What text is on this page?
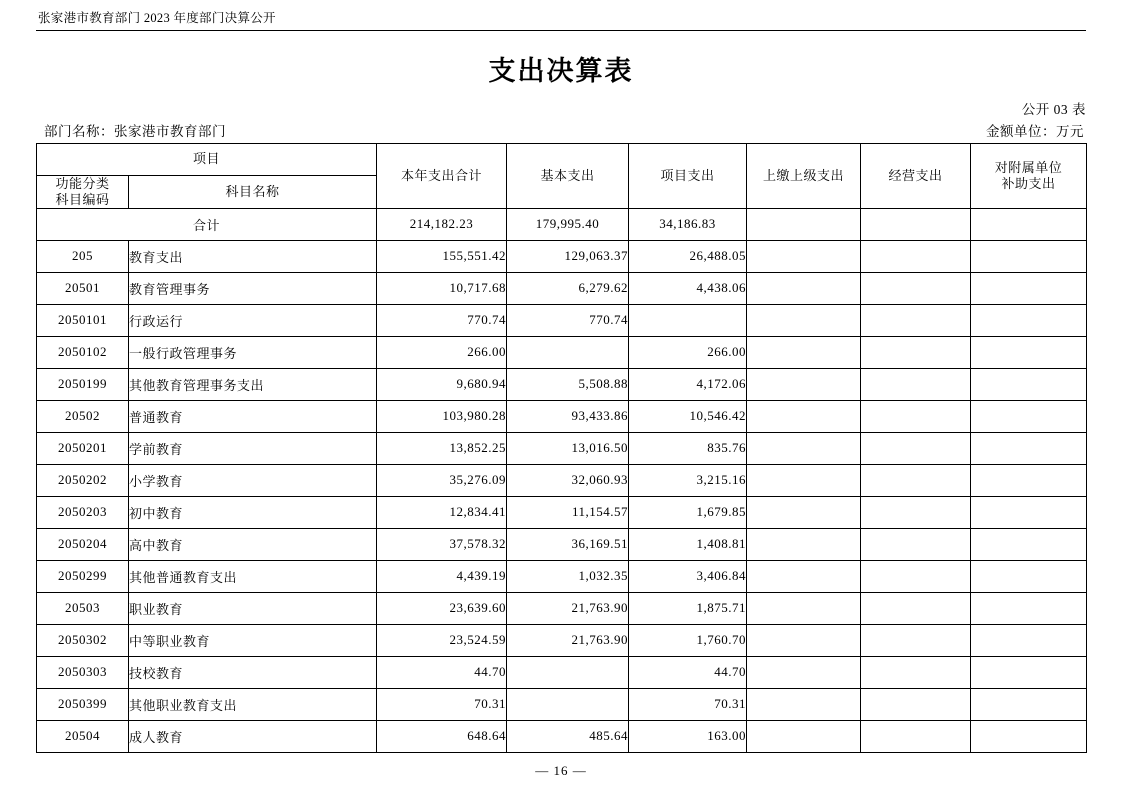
张家港市教育部门 2023 年度部门决算公开
支出决算表
公开 03 表
部门名称：张家港市教育部门	金额单位：万元
项目		本年支出合计	基本支出	项目支出	上缴上级支出	经营支出	对附属单位
补助支出

功能分类
科目编码	科目名称						
合计		214,182.23	179,995.40	34,186.83			
205	教育支出	155,551.42	129,063.37	26,488.05			
20501	教育管理事务	10,717.68	6,279.62	4,438.06			
2050101	行政运行	770.74	770.74				
2050102	一般行政管理事务	266.00		266.00			
2050199	其他教育管理事务支出	9,680.94	5,508.88	4,172.06			
20502	普通教育	103,980.28	93,433.86	10,546.42			
2050201	学前教育	13,852.25	13,016.50	835.76			
2050202	小学教育	35,276.09	32,060.93	3,215.16			
2050203	初中教育	12,834.41	11,154.57	1,679.85			
2050204	高中教育	37,578.32	36,169.51	1,408.81			
2050299	其他普通教育支出	4,439.19	1,032.35	3,406.84			
20503	职业教育	23,639.60	21,763.90	1,875.71			
2050302	中等职业教育	23,524.59	21,763.90	1,760.70			
2050303	技校教育	44.70		44.70			
2050399	其他职业教育支出	70.31		70.31			
20504	成人教育	648.64	485.64	163.00			
— 16 —
